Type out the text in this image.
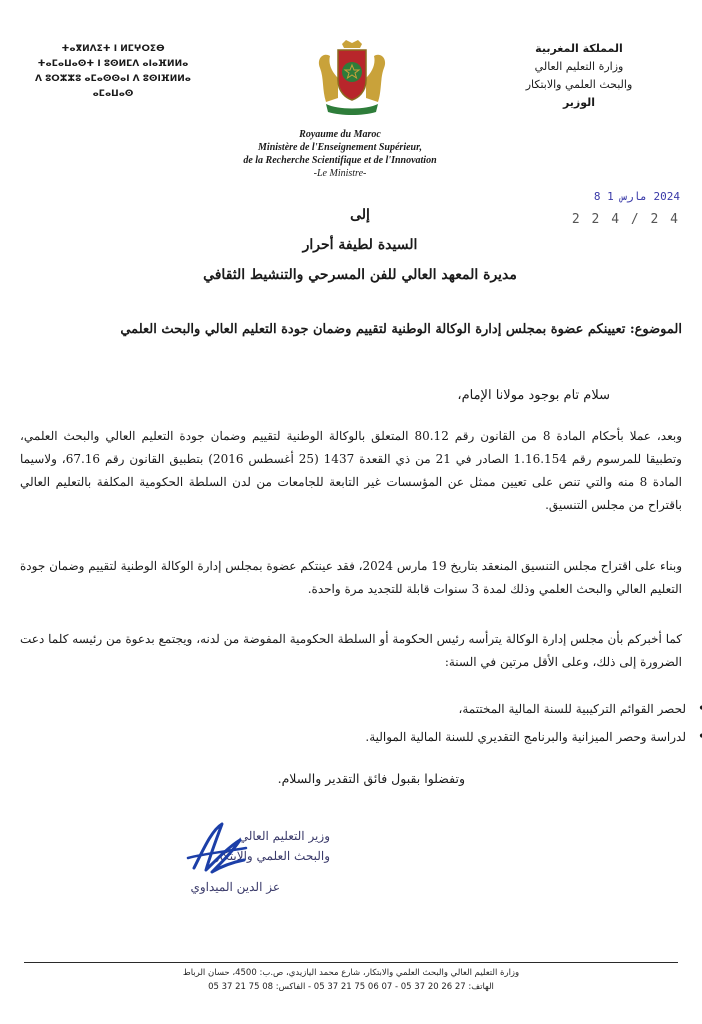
ⵜⴰⴳⵍⴷⵉⵜ ⵏ ⵍⵎⵖⵔⵉⴱ
ⵜⴰⵎⴰⵡⴰⵙⵜ ⵏ ⵓⵙⵍⵎⴷ ⴰⵏⴰⴼⵍⵍⴰ
ⴷ ⵓⵔⵣⵣⵓ ⴰⵎⴰⵙⵙⴰⵏ ⴷ ⵓⵙⵏⴼⵍⵍⴰ
ⴰⵎⴰⵡⴰⵙ
المملكة المغربية
وزارة التعليم العالي
والبحث العلمي والابتكار
الوزير
Royaume du Maroc
Ministère de l'Enseignement Supérieur,
de la Recherche Scientifique et de l'Innovation
-Le Ministre-
2024 مارس 1 8
2 2 4 / 2 4
إلى
السيدة لطيفة أحرار
مديرة المعهد العالي للفن المسرحي والتنشيط الثقافي
الموضوع: تعيينكم عضوة بمجلس إدارة الوكالة الوطنية لتقييم وضمان جودة التعليم العالي والبحث العلمي
سلام تام بوجود مولانا الإمام،
وبعد، عملا بأحكام المادة 8 من القانون رقم 80.12 المتعلق بالوكالة الوطنية لتقييم وضمان جودة التعليم العالي والبحث العلمي، وتطبيقا للمرسوم رقم 1.16.154 الصادر في 21 من ذي القعدة 1437 (25 أغسطس 2016) بتطبيق القانون رقم 67.16، ولاسيما المادة 8 منه والتي تنص على تعيين ممثل عن المؤسسات غير التابعة للجامعات من لدن السلطة الحكومية المكلفة بالتعليم العالي باقتراح من مجلس التنسيق.
وبناء على اقتراح مجلس التنسيق المنعقد بتاريخ 19 مارس 2024، فقد عينتكم عضوة بمجلس إدارة الوكالة الوطنية لتقييم وضمان جودة التعليم العالي والبحث العلمي وذلك لمدة 3 سنوات قابلة للتجديد مرة واحدة.
كما أخبركم بأن مجلس إدارة الوكالة يترأسه رئيس الحكومة أو السلطة الحكومية المفوضة من لدنه، ويجتمع بدعوة من رئيسه كلما دعت الضرورة إلى ذلك، وعلى الأقل مرتين في السنة:
• لحصر القوائم التركيبية للسنة المالية المختتمة،
• لدراسة وحصر الميزانية والبرنامج التقديري للسنة المالية الموالية.
وتفضلوا بقبول فائق التقدير والسلام.
وزير التعليم العالي
والبحث العلمي والابتكار
عز الدين الميداوي
وزارة التعليم العالي والبحث العلمي والابتكار، شارع محمد اليازيدي، ص.ب: 4500، حسان الرباط
الهاتف: 27 26 20 37 05 - 07 06 75 21 37 05 - الفاكس: 08 75 21 37 05
